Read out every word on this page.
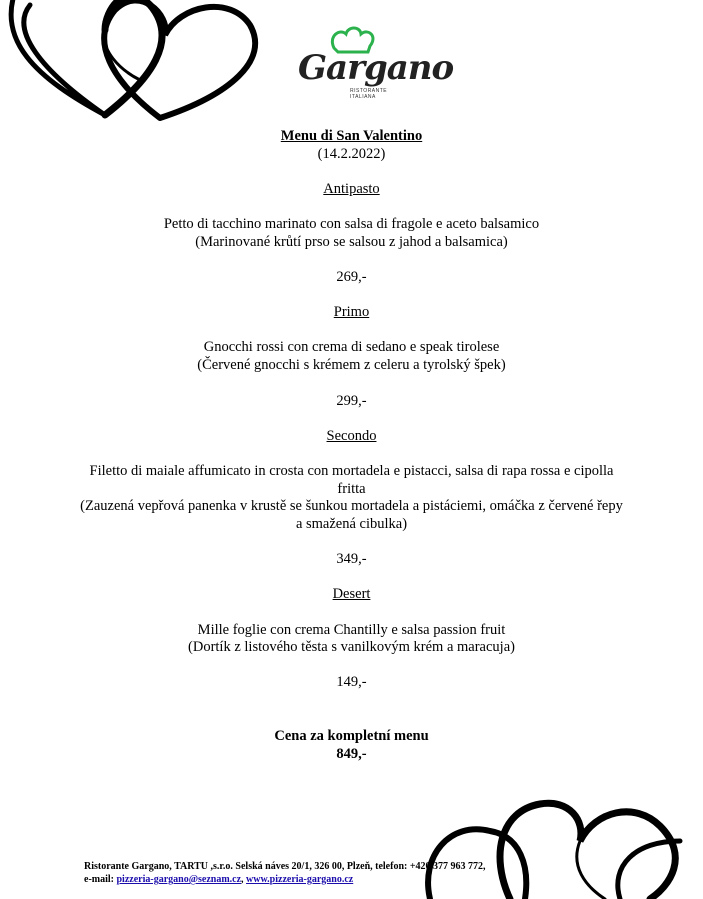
Gargano
RISTORANTE ITALIANA
Menu di San Valentino
(14.2.2022)
Antipasto
Petto di tacchino marinato con salsa di fragole e aceto balsamico
(Marinované krůtí prso se salsou z jahod a balsamica)
269,-
Primo
Gnocchi rossi con crema di sedano e speak tirolese
(Červené gnocchi s krémem z celeru a tyrolský špek)
299,-
Secondo
Filetto di maiale affumicato in crosta con mortadela e pistacci, salsa di rapa rossa e cipolla
fritta
(Zauzená vepřová panenka v krustě se šunkou mortadela a pistáciemi, omáčka z červené řepy
a smažená cibulka)
349,-
Desert
Mille foglie con crema Chantilly e salsa passion fruit
(Dortík z listového těsta s vanilkovým krém a maracuja)
149,-
Cena za kompletní menu
849,-
Ristorante Gargano, TARTU ,s.r.o. Selská náves 20/1, 326 00, Plzeň, telefon: +420 377 963 772,
e-mail: pizzeria-gargano@seznam.cz, www.pizzeria-gargano.cz
